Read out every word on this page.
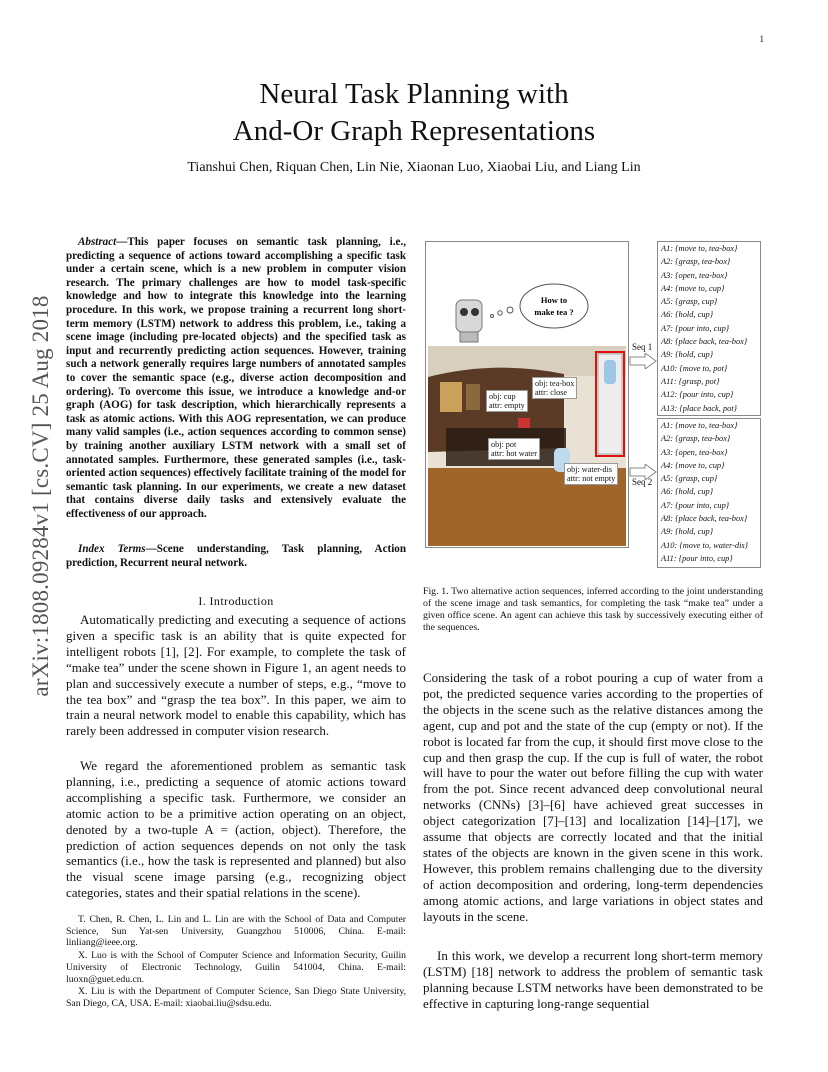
1
Neural Task Planning with
And-Or Graph Representations
Tianshui Chen, Riquan Chen, Lin Nie, Xiaonan Luo, Xiaobai Liu, and Liang Lin
arXiv:1808.09284v1 [cs.CV] 25 Aug 2018
Abstract—This paper focuses on semantic task planning, i.e., predicting a sequence of actions toward accomplishing a specific task under a certain scene, which is a new problem in computer vision research. The primary challenges are how to model task-specific knowledge and how to integrate this knowledge into the learning procedure. In this work, we propose training a recurrent long short-term memory (LSTM) network to address this problem, i.e., taking a scene image (including pre-located objects) and the specified task as input and recurrently predicting action sequences. However, training such a network generally requires large numbers of annotated samples to cover the semantic space (e.g., diverse action decomposition and ordering). To overcome this issue, we introduce a knowledge and-or graph (AOG) for task description, which hierarchically represents a task as atomic actions. With this AOG representation, we can produce many valid samples (i.e., action sequences according to common sense) by training another auxiliary LSTM network with a small set of annotated samples. Furthermore, these generated samples (i.e., task-oriented action sequences) effectively facilitate training of the model for semantic task planning. In our experiments, we create a new dataset that contains diverse daily tasks and extensively evaluate the effectiveness of our approach.
Index Terms—Scene understanding, Task planning, Action prediction, Recurrent neural network.
I. Introduction
Automatically predicting and executing a sequence of actions given a specific task is an ability that is quite expected for intelligent robots [1], [2]. For example, to complete the task of “make tea” under the scene shown in Figure 1, an agent needs to plan and successively execute a number of steps, e.g., “move to the tea box” and “grasp the tea box”. In this paper, we aim to train a neural network model to enable this capability, which has rarely been addressed in computer vision research.
We regard the aforementioned problem as semantic task planning, i.e., predicting a sequence of atomic actions toward accomplishing a specific task. Furthermore, we consider an atomic action to be a primitive action operating on an object, denoted by a two-tuple A = (action, object). Therefore, the prediction of action sequences depends on not only the task semantics (i.e., how the task is represented and planned) but also the visual scene image parsing (e.g., recognizing object categories, states and their spatial relations in the scene).

T. Chen, R. Chen, L. Lin and L. Lin are with the School of Data and Computer Science, Sun Yat-sen University, Guangzhou 510006, China. E-mail: linliang@ieee.org.

X. Luo is with the School of Computer Science and Information Security, Guilin University of Electronic Technology, Guilin 541004, China. E-mail: luoxn@guet.edu.cn.

X. Liu is with the Department of Computer Science, San Diego State University, San Diego, CA, USA. E-mail: xiaobai.liu@sdsu.edu.

How to
make tea ?
obj: cup
attr: empty
obj: tea-box
attr: close
obj: pot
attr: hot water
obj: water-dis
attr: not empty
Seq 1
A1: {move to, tea-box}
A2: {grasp, tea-box}
A3: {open, tea-box}
A4: {move to, cup}
A5: {grasp, cup}
A6: {hold, cup}
A7: {pour into, cup}
A8: {place back, tea-box}
A9: {hold, cup}
A10: {move to, pot}
A11: {grasp, pot}
A12: {pour into, cup}
A13: {place back, pot}
Seq 2
A1: {move to, tea-box}
A2: {grasp, tea-box}
A3: {open, tea-box}
A4: {move to, cup}
A5: {grasp, cup}
A6: {hold, cup}
A7: {pour into, cup}
A8: {place back, tea-box}
A9: {hold, cup}
A10: {move to, water-dis}
A11: {pour into, cup}
Fig. 1. Two alternative action sequences, inferred according to the joint understanding of the scene image and task semantics, for completing the task “make tea” under a given office scene. An agent can achieve this task by successively executing either of the sequences.
Considering the task of a robot pouring a cup of water from a pot, the predicted sequence varies according to the properties of the objects in the scene such as the relative distances among the agent, cup and pot and the state of the cup (empty or not). If the robot is located far from the cup, it should first move close to the cup and then grasp the cup. If the cup is full of water, the robot will have to pour the water out before filling the cup with water from the pot. Since recent advanced deep convolutional neural networks (CNNs) [3]–[6] have achieved great successes in object categorization [7]–[13] and localization [14]–[17], we assume that objects are correctly located and that the initial states of the objects are known in the given scene in this work. However, this problem remains challenging due to the diversity of action decomposition and ordering, long-term dependencies among atomic actions, and large variations in object states and layouts in the scene.
In this work, we develop a recurrent long short-term memory (LSTM) [18] network to address the problem of semantic task planning because LSTM networks have been demonstrated to be effective in capturing long-range sequential
